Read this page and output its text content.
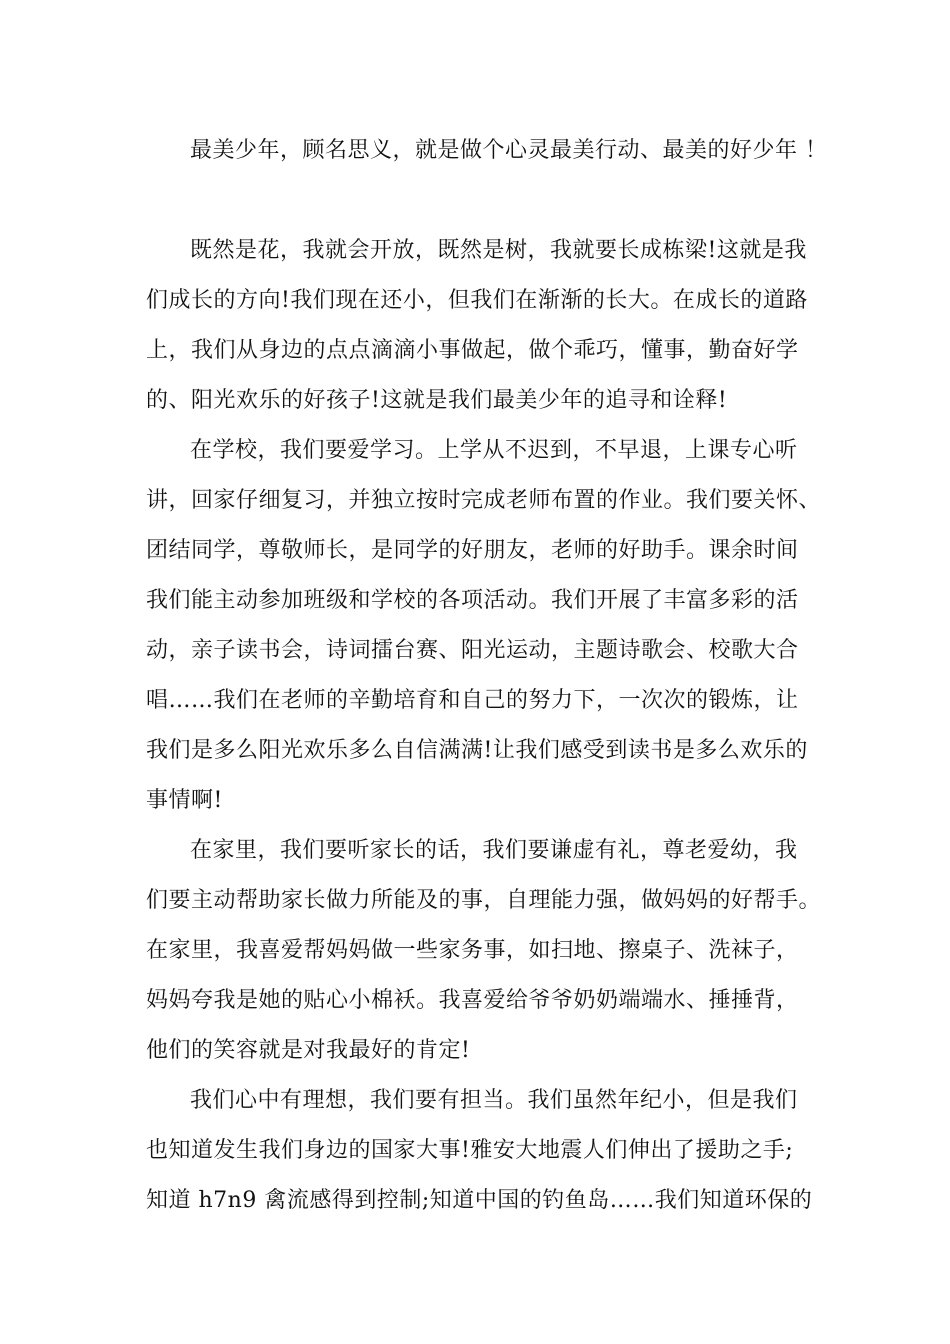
最美少年，顾名思义，就是做个心灵最美行动、最美的好少年 ！

既然是花，我就会开放，既然是树，我就要长成栋梁!这就是我

们成长的方向!我们现在还小，但我们在渐渐的长大。在成长的道路

上，我们从身边的点点滴滴小事做起，做个乖巧，懂事，勤奋好学

的、阳光欢乐的好孩子!这就是我们最美少年的追寻和诠释!

在学校，我们要爱学习。上学从不迟到，不早退，上课专心听

讲，回家仔细复习，并独立按时完成老师布置的作业。我们要关怀、

团结同学，尊敬师长，是同学的好朋友，老师的好助手。课余时间

我们能主动参加班级和学校的各项活动。我们开展了丰富多彩的活

动，亲子读书会，诗词擂台赛、阳光运动，主题诗歌会、校歌大合

唱……我们在老师的辛勤培育和自己的努力下，一次次的锻炼，让

我们是多么阳光欢乐多么自信满满!让我们感受到读书是多么欢乐的

事情啊!

在家里，我们要听家长的话，我们要谦虚有礼，尊老爱幼，我

们要主动帮助家长做力所能及的事，自理能力强，做妈妈的好帮手。

在家里，我喜爱帮妈妈做一些家务事，如扫地、擦桌子、洗袜子，

妈妈夸我是她的贴心小棉袄。我喜爱给爷爷奶奶端端水、捶捶背，

他们的笑容就是对我最好的肯定!

我们心中有理想，我们要有担当。我们虽然年纪小，但是我们

也知道发生我们身边的国家大事!雅安大地震人们伸出了援助之手;

知道 h7n9 禽流感得到控制;知道中国的钓鱼岛……我们知道环保的
